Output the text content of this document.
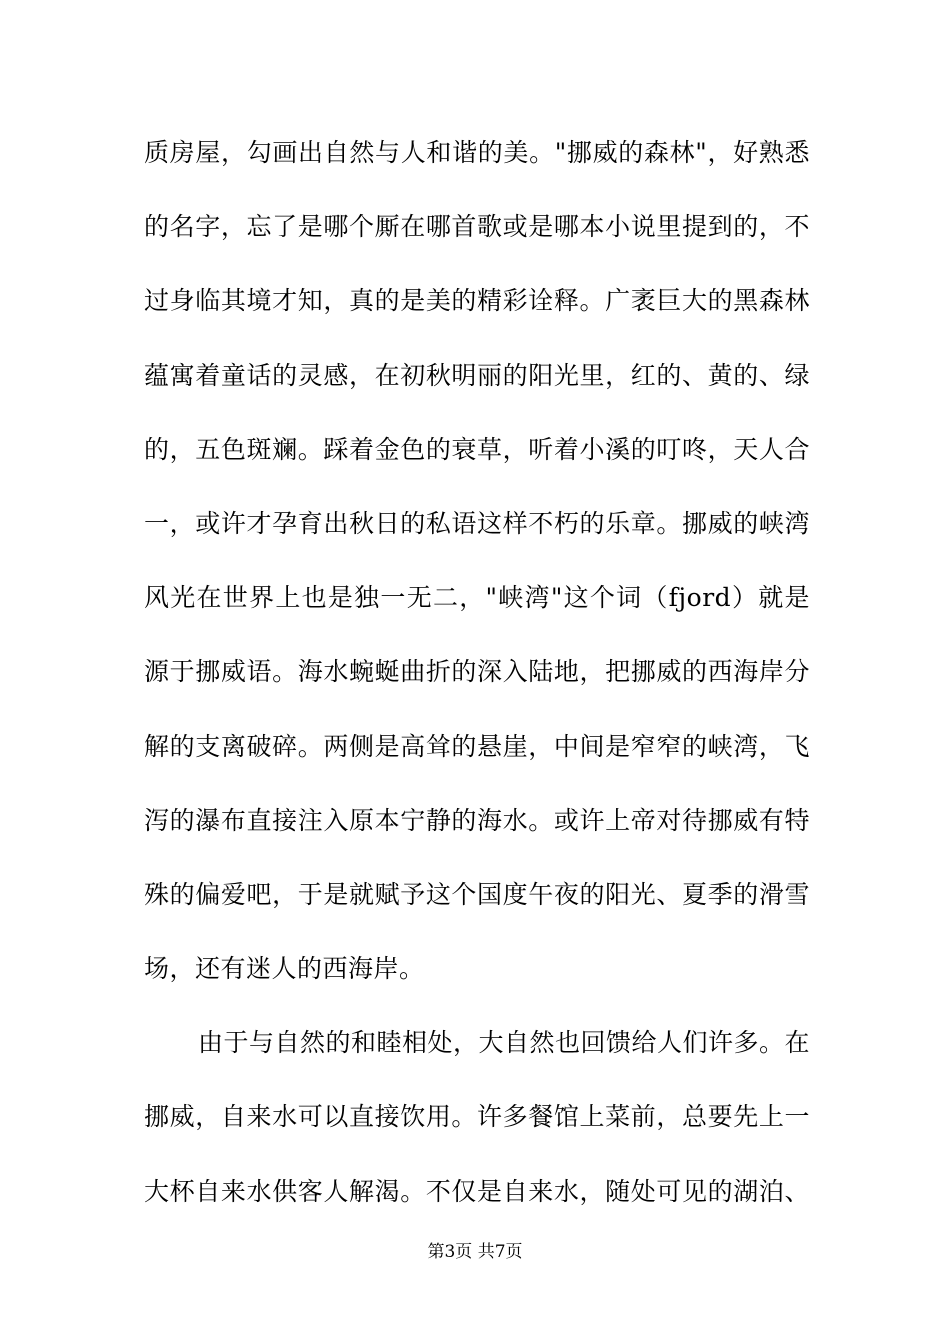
质房屋，勾画出自然与人和谐的美。"挪威的森林"，好熟悉
的名字，忘了是哪个厮在哪首歌或是哪本小说里提到的，不
过身临其境才知，真的是美的精彩诠释。广袤巨大的黑森林
蕴寓着童话的灵感，在初秋明丽的阳光里，红的、黄的、绿
的，五色斑斓。踩着金色的衰草，听着小溪的叮咚，天人合
一，或许才孕育出秋日的私语这样不朽的乐章。挪威的峡湾
风光在世界上也是独一无二，"峡湾"这个词（fjord）就是
源于挪威语。海水蜿蜒曲折的深入陆地，把挪威的西海岸分
解的支离破碎。两侧是高耸的悬崖，中间是窄窄的峡湾，飞
泻的瀑布直接注入原本宁静的海水。或许上帝对待挪威有特
殊的偏爱吧，于是就赋予这个国度午夜的阳光、夏季的滑雪
场，还有迷人的西海岸。
由于与自然的和睦相处，大自然也回馈给人们许多。在
挪威，自来水可以直接饮用。许多餐馆上菜前，总要先上一
大杯自来水供客人解渴。不仅是自来水，随处可见的湖泊、
第3页 共7页
